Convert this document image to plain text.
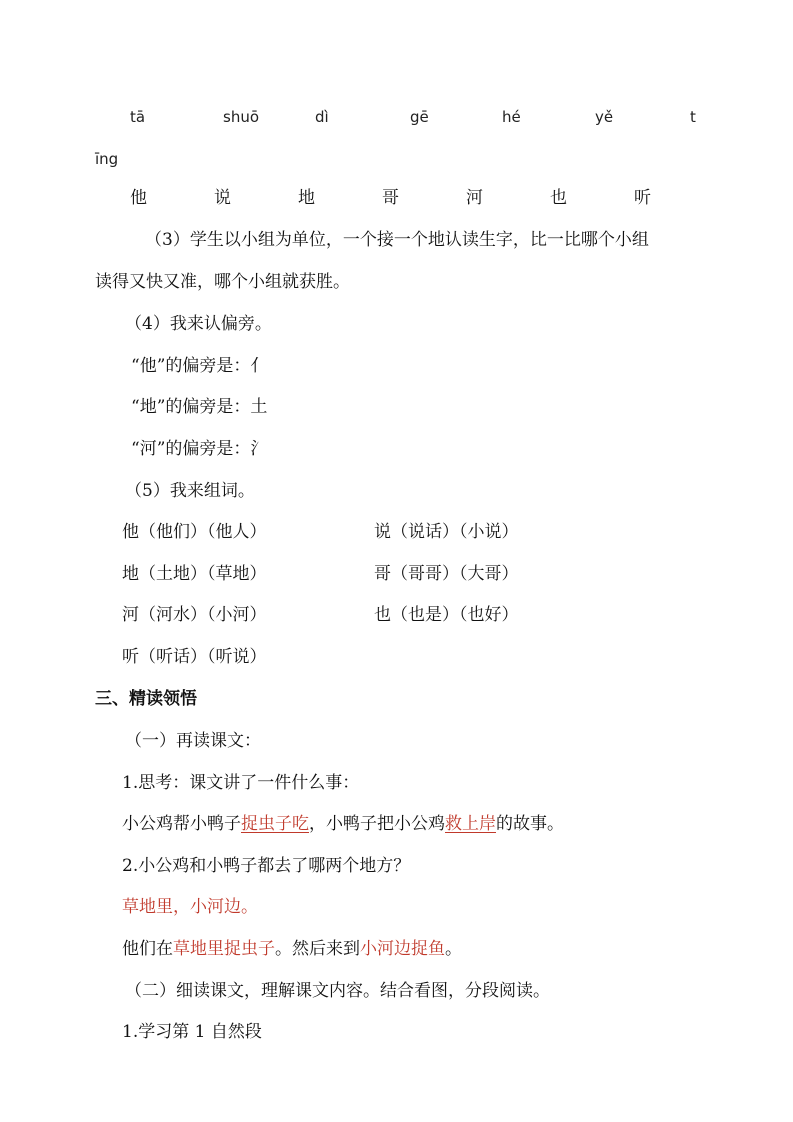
tā	shuō	dì	gē	hé	yě	t
īng
他	说	地	哥	河	也	听
（3）学生以小组为单位，一个接一个地认读生字，比一比哪个小组
读得又快又准，哪个小组就获胜。
（4）我来认偏旁。
“他”的偏旁是：亻
“地”的偏旁是：土
“河”的偏旁是：氵
（5）我来组词。
他（他们）（他人）	说（说话）（小说）
地（土地）（草地）	哥（哥哥）（大哥）
河（河水）（小河）	也（也是）（也好）
听（听话）（听说）
三、精读领悟
（一）再读课文：
1.思考：课文讲了一件什么事：
小公鸡帮小鸭子捉虫子吃，小鸭子把小公鸡救上岸的故事。
2.小公鸡和小鸭子都去了哪两个地方？
草地里，小河边。
他们在草地里捉虫子。然后来到小河边捉鱼。
（二）细读课文，理解课文内容。结合看图，分段阅读。
1.学习第 1 自然段
